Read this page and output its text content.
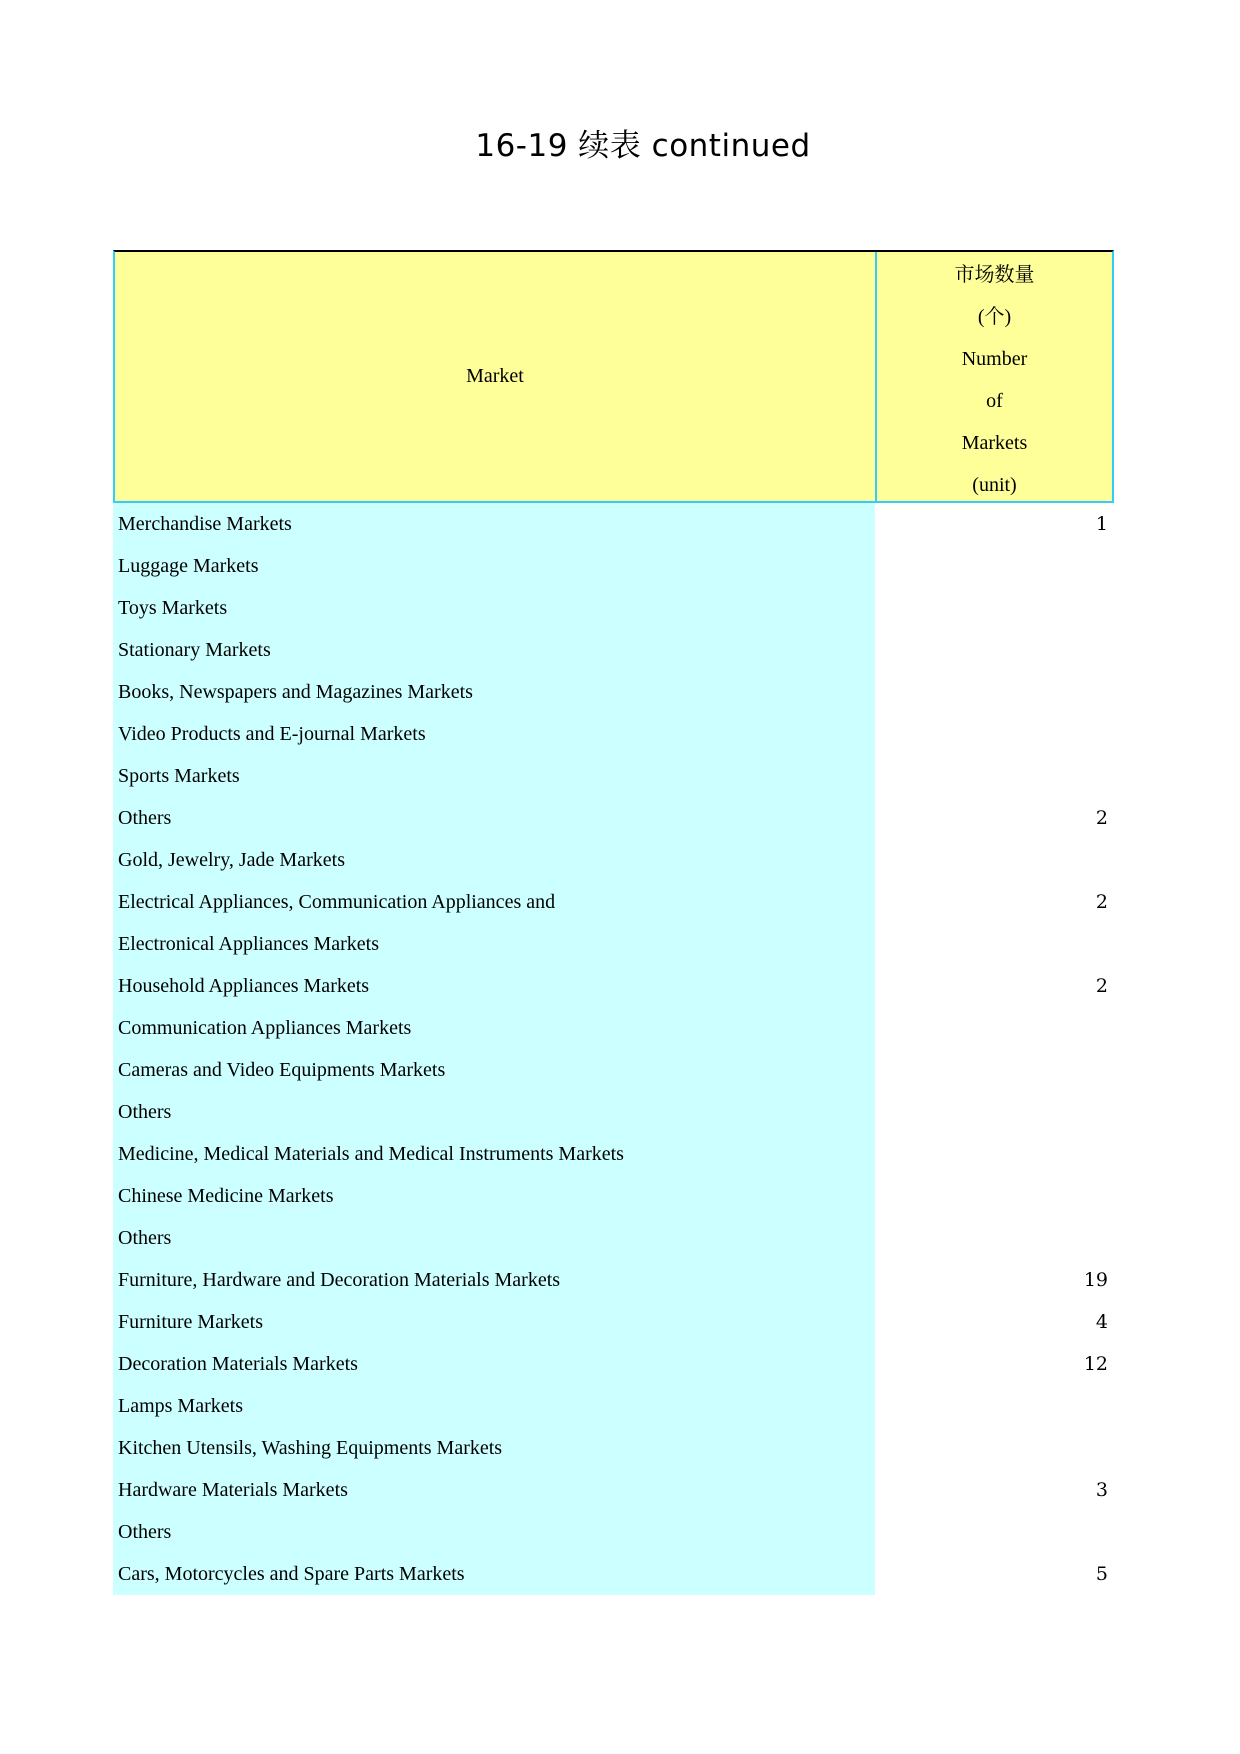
16-19 续表 continued
Market
市场数量
(个)
Number
of
Markets
(unit)
Merchandise Markets	1
Luggage Markets
Toys Markets
Stationary Markets
Books, Newspapers and Magazines Markets
Video Products and E-journal Markets
Sports Markets
Others	2
Gold, Jewelry, Jade Markets
Electrical Appliances, Communication Appliances and	2
Electronical Appliances Markets
Household Appliances Markets	2
Communication Appliances Markets
Cameras and Video Equipments Markets
Others
Medicine, Medical Materials and Medical Instruments Markets
Chinese Medicine Markets
Others
Furniture, Hardware and Decoration Materials Markets	19
Furniture Markets	4
Decoration Materials Markets	12
Lamps Markets
Kitchen Utensils, Washing Equipments Markets
Hardware Materials Markets	3
Others
Cars, Motorcycles and Spare Parts Markets	5
